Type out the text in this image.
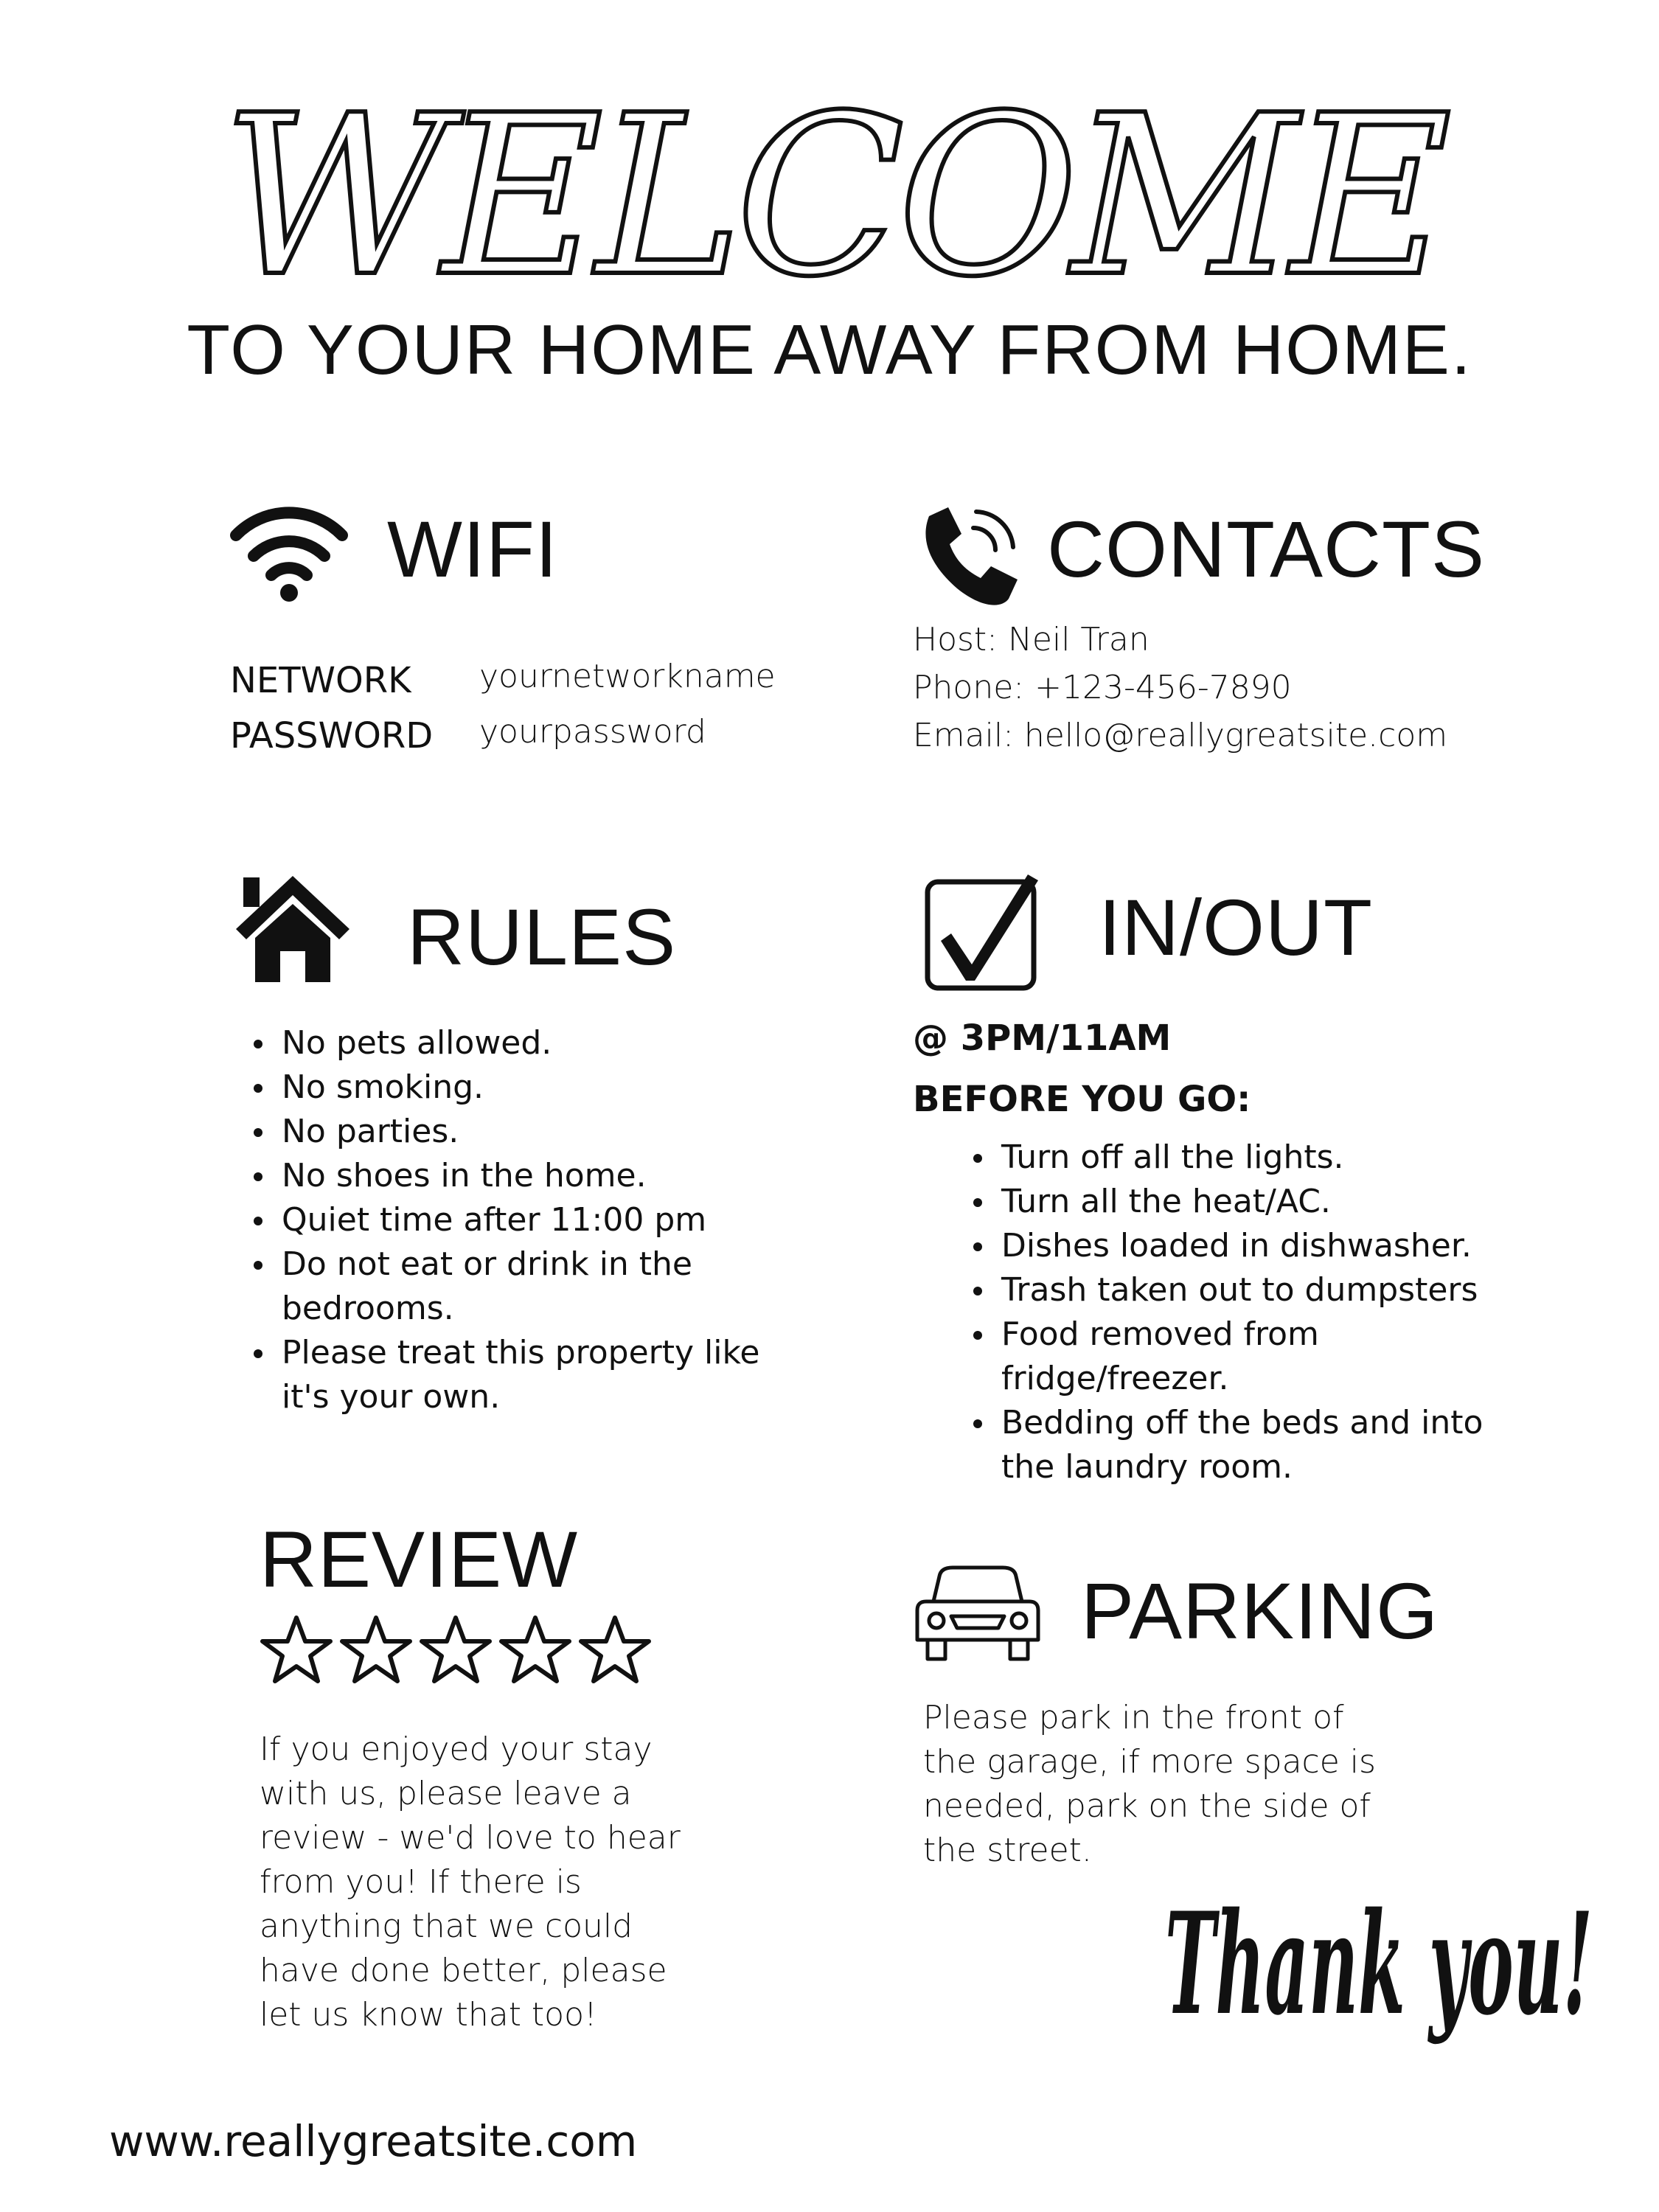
WELCOME
TO YOUR HOME AWAY FROM HOME.
WIFI
NETWORK yournetworkname
PASSWORD yourpassword
CONTACTS
Host: Neil Tran
Phone: +123-456-7890
Email: hello@reallygreatsite.com
RULES
No pets allowed.
No smoking.
No parties.
No shoes in the home.
Quiet time after 11:00 pm
Do not eat or drink in the bedrooms.
Please treat this property like it's your own.
IN/OUT
@ 3PM/11AM
BEFORE YOU GO:
Turn off all the lights.
Turn all the heat/AC.
Dishes loaded in dishwasher.
Trash taken out to dumpsters
Food removed from fridge/freezer.
Bedding off the beds and into the laundry room.
REVIEW
If you enjoyed your stay with us, please leave a review - we'd love to hear from you! If there is anything that we could have done better, please let us know that too!
PARKING
Please park in the front of the garage, if more space is needed, park on the side of the street.
Thank you!
www.reallygreatsite.com
